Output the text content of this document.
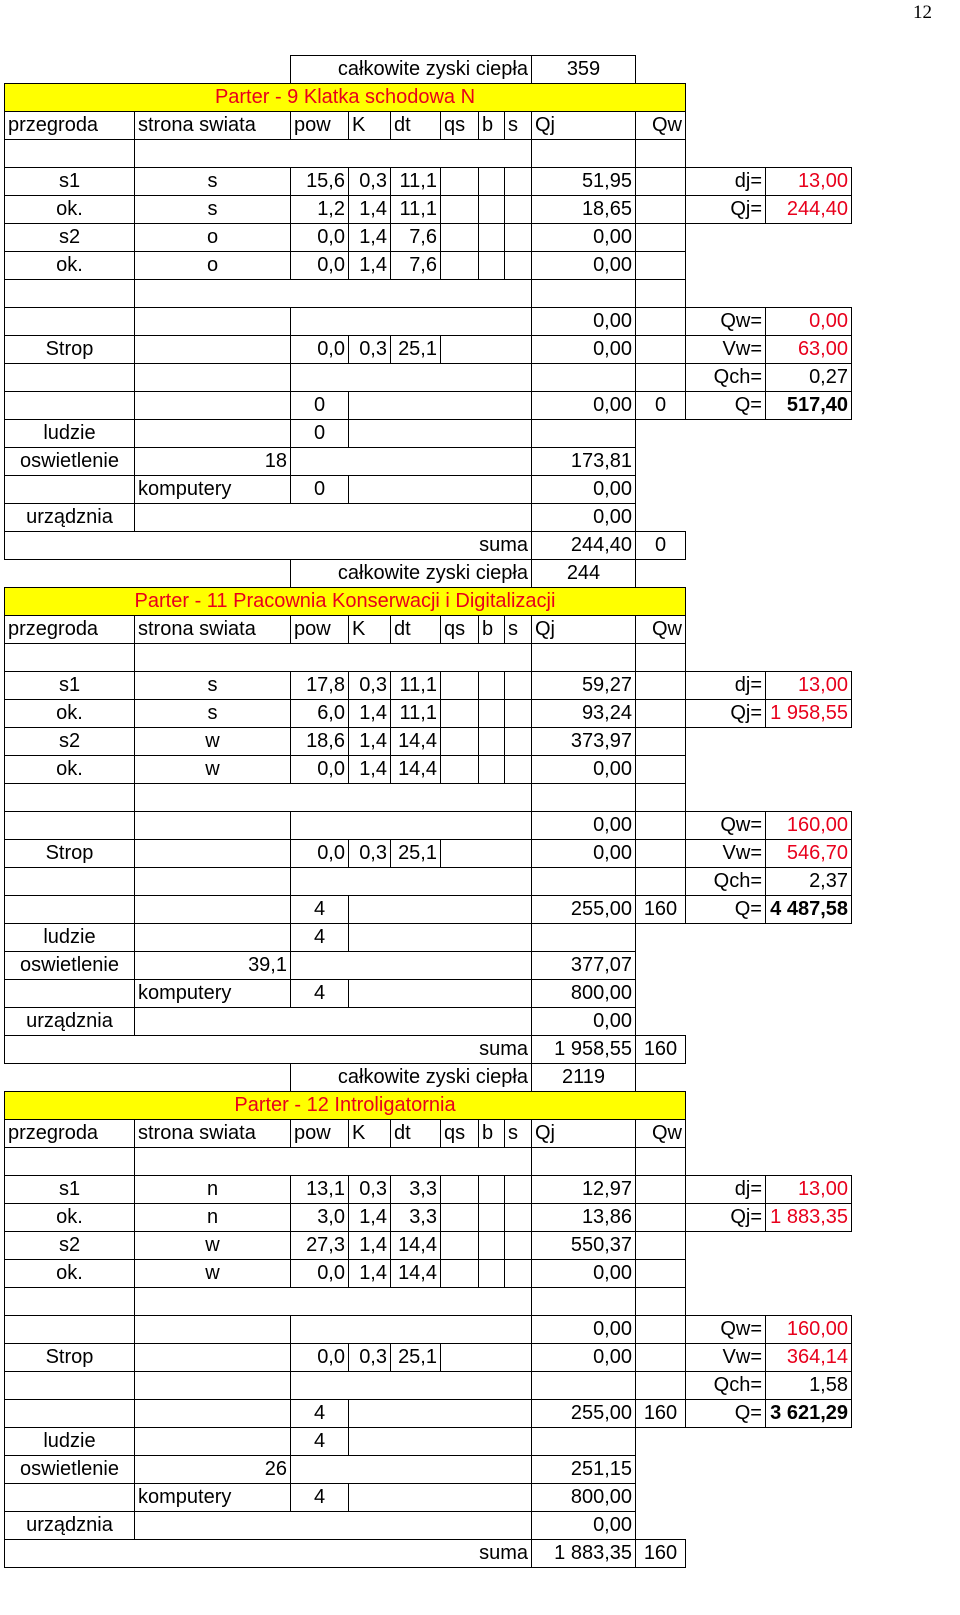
12
		całkowite zyski ciepła						359			
Parter - 9 Klatka schodowa N											
przegroda	strona swiata	pow	K	dt	qs	b	s	Qj	Qw		

s1	s	15,6	0,3	11,1				51,95		dj=	13,00
ok.	s	1,2	1,4	11,1				18,65		Qj=	244,40
s2	o	0,0	1,4	7,6				0,00			
ok.	o	0,0	1,4	7,6				0,00			

								0,00		Qw=	0,00
Strop		0,0	0,3	25,1				0,00		Vw=	63,00
										Qch=	0,27
		0						0,00	0	Q=	517,40
ludzie		0									
oswietlenie	18							173,81			
	komputery	0						0,00			
urządznia								0,00			
suma								244,40	0		
		całkowite zyski ciepła						244			
Parter - 11 Pracownia Konserwacji i Digitalizacji											
przegroda	strona swiata	pow	K	dt	qs	b	s	Qj	Qw		

s1	s	17,8	0,3	11,1				59,27		dj=	13,00
ok.	s	6,0	1,4	11,1				93,24		Qj=	1 958,55
s2	w	18,6	1,4	14,4				373,97			
ok.	w	0,0	1,4	14,4				0,00			

								0,00		Qw=	160,00
Strop		0,0	0,3	25,1				0,00		Vw=	546,70
										Qch=	2,37
		4						255,00	160	Q=	4 487,58
ludzie		4									
oswietlenie	39,1							377,07			
	komputery	4						800,00			
urządznia								0,00			
suma								1 958,55	160		
		całkowite zyski ciepła						2119			
Parter - 12 Introligatornia											
przegroda	strona swiata	pow	K	dt	qs	b	s	Qj	Qw		

s1	n	13,1	0,3	3,3				12,97		dj=	13,00
ok.	n	3,0	1,4	3,3				13,86		Qj=	1 883,35
s2	w	27,3	1,4	14,4				550,37			
ok.	w	0,0	1,4	14,4				0,00			

								0,00		Qw=	160,00
Strop		0,0	0,3	25,1				0,00		Vw=	364,14
										Qch=	1,58
		4						255,00	160	Q=	3 621,29
ludzie		4									
oswietlenie	26							251,15			
	komputery	4						800,00			
urządznia								0,00			
suma								1 883,35	160		
